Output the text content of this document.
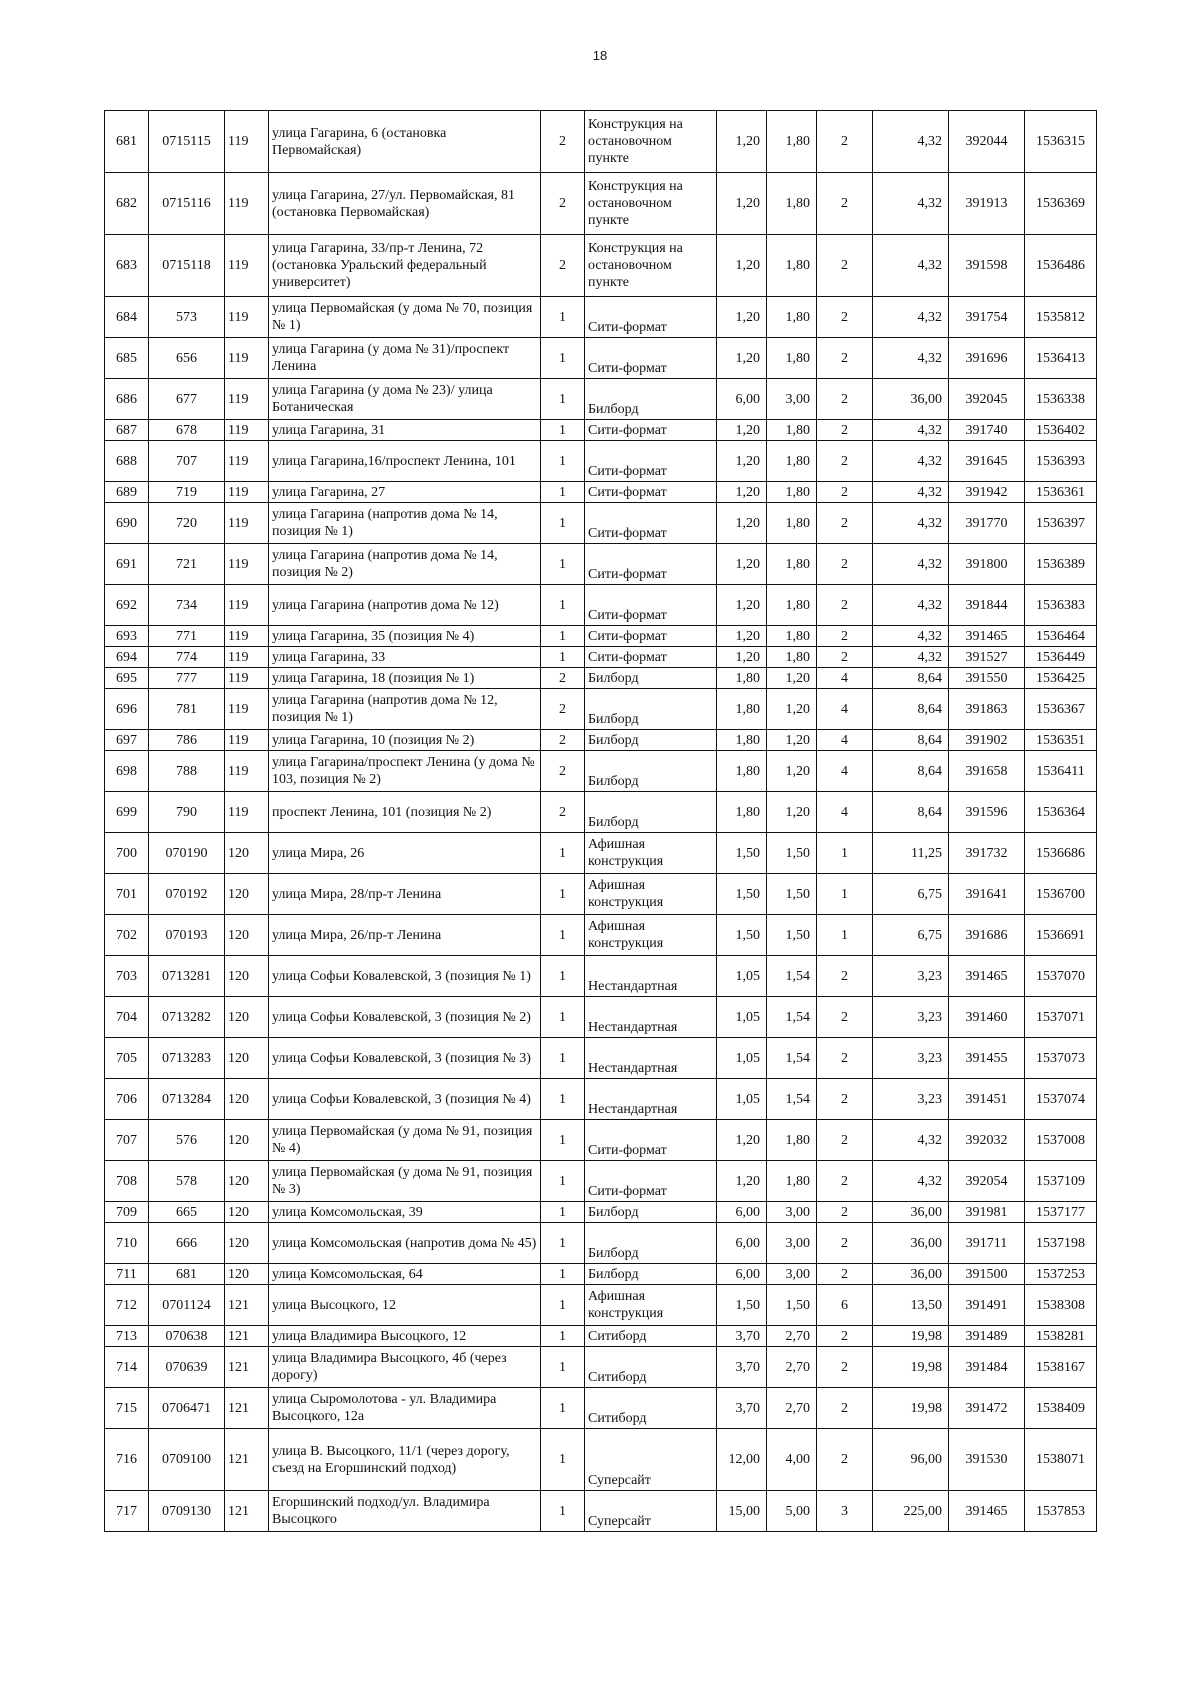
18
681	0715115	119	улица Гагарина, 6 (остановка Первомайская)	2	Конструкция на остановочном пункте	1,20	1,80	2	4,32	392044	1536315
682	0715116	119	улица Гагарина, 27/ул. Первомайская, 81 (остановка Первомайская)	2	Конструкция на остановочном пункте	1,20	1,80	2	4,32	391913	1536369
683	0715118	119	улица Гагарина, 33/пр-т Ленина, 72 (остановка Уральский федеральный университет)	2	Конструкция на остановочном пункте	1,20	1,80	2	4,32	391598	1536486
684	573	119	улица Первомайская (у дома № 70, позиция № 1)	1	Сити-формат	1,20	1,80	2	4,32	391754	1535812
685	656	119	улица Гагарина (у дома № 31)/проспект Ленина	1	Сити-формат	1,20	1,80	2	4,32	391696	1536413
686	677	119	улица Гагарина (у дома № 23)/ улица Ботаническая	1	Билборд	6,00	3,00	2	36,00	392045	1536338
687	678	119	улица Гагарина, 31	1	Сити-формат	1,20	1,80	2	4,32	391740	1536402
688	707	119	улица Гагарина,16/проспект Ленина, 101	1	Сити-формат	1,20	1,80	2	4,32	391645	1536393
689	719	119	улица Гагарина, 27	1	Сити-формат	1,20	1,80	2	4,32	391942	1536361
690	720	119	улица Гагарина (напротив дома № 14, позиция № 1)	1	Сити-формат	1,20	1,80	2	4,32	391770	1536397
691	721	119	улица Гагарина (напротив дома № 14, позиция № 2)	1	Сити-формат	1,20	1,80	2	4,32	391800	1536389
692	734	119	улица Гагарина (напротив дома № 12)	1	Сити-формат	1,20	1,80	2	4,32	391844	1536383
693	771	119	улица Гагарина, 35 (позиция № 4)	1	Сити-формат	1,20	1,80	2	4,32	391465	1536464
694	774	119	улица Гагарина, 33	1	Сити-формат	1,20	1,80	2	4,32	391527	1536449
695	777	119	улица Гагарина, 18 (позиция № 1)	2	Билборд	1,80	1,20	4	8,64	391550	1536425
696	781	119	улица Гагарина (напротив дома № 12, позиция № 1)	2	Билборд	1,80	1,20	4	8,64	391863	1536367
697	786	119	улица Гагарина, 10 (позиция № 2)	2	Билборд	1,80	1,20	4	8,64	391902	1536351
698	788	119	улица Гагарина/проспект Ленина (у дома № 103, позиция № 2)	2	Билборд	1,80	1,20	4	8,64	391658	1536411
699	790	119	проспект Ленина, 101 (позиция № 2)	2	Билборд	1,80	1,20	4	8,64	391596	1536364
700	070190	120	улица Мира, 26	1	Афишная конструкция	1,50	1,50	1	11,25	391732	1536686
701	070192	120	улица Мира, 28/пр-т Ленина	1	Афишная конструкция	1,50	1,50	1	6,75	391641	1536700
702	070193	120	улица Мира, 26/пр-т Ленина	1	Афишная конструкция	1,50	1,50	1	6,75	391686	1536691
703	0713281	120	улица Софьи Ковалевской, 3 (позиция № 1)	1	Нестандартная	1,05	1,54	2	3,23	391465	1537070
704	0713282	120	улица Софьи Ковалевской, 3 (позиция № 2)	1	Нестандартная	1,05	1,54	2	3,23	391460	1537071
705	0713283	120	улица Софьи Ковалевской, 3 (позиция № 3)	1	Нестандартная	1,05	1,54	2	3,23	391455	1537073
706	0713284	120	улица Софьи Ковалевской, 3 (позиция № 4)	1	Нестандартная	1,05	1,54	2	3,23	391451	1537074
707	576	120	улица Первомайская (у дома № 91, позиция № 4)	1	Сити-формат	1,20	1,80	2	4,32	392032	1537008
708	578	120	улица Первомайская (у дома № 91, позиция № 3)	1	Сити-формат	1,20	1,80	2	4,32	392054	1537109
709	665	120	улица Комсомольская, 39	1	Билборд	6,00	3,00	2	36,00	391981	1537177
710	666	120	улица Комсомольская (напротив дома № 45)	1	Билборд	6,00	3,00	2	36,00	391711	1537198
711	681	120	улица Комсомольская, 64	1	Билборд	6,00	3,00	2	36,00	391500	1537253
712	0701124	121	улица Высоцкого, 12	1	Афишная конструкция	1,50	1,50	6	13,50	391491	1538308
713	070638	121	улица Владимира Высоцкого, 12	1	Ситиборд	3,70	2,70	2	19,98	391489	1538281
714	070639	121	улица Владимира Высоцкого, 4б (через дорогу)	1	Ситиборд	3,70	2,70	2	19,98	391484	1538167
715	0706471	121	улица Сыромолотова - ул. Владимира Высоцкого, 12а	1	Ситиборд	3,70	2,70	2	19,98	391472	1538409
716	0709100	121	улица В. Высоцкого, 11/1 (через дорогу, съезд на Егоршинский подход)	1	Суперсайт	12,00	4,00	2	96,00	391530	1538071
717	0709130	121	Егоршинский подход/ул. Владимира Высоцкого	1	Суперсайт	15,00	5,00	3	225,00	391465	1537853
